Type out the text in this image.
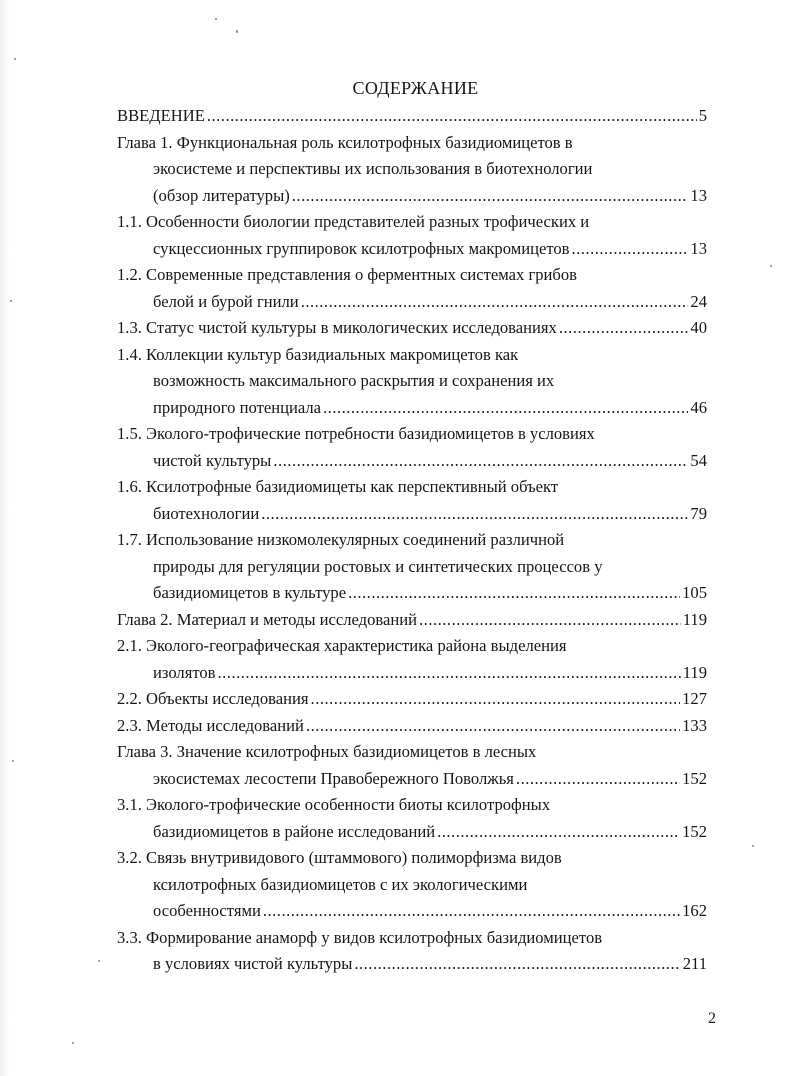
СОДЕРЖАНИЕ
ВВЕДЕНИЕ .....	5
Глава 1. Функциональная роль ксилотрофных базидиомицетов в
экосистеме и перспективы их использования в биотехнологии
(обзор литературы) .....	13
1.1. Особенности биологии представителей разных трофических и
сукцессионных группировок ксилотрофных макромицетов .....	13
1.2. Современные представления о ферментных системах грибов
белой и бурой гнили .....	24
1.3. Статус чистой культуры в микологических исследованиях .....	40
1.4. Коллекции культур базидиальных макромицетов как
возможность максимального раскрытия и сохранения их
природного потенциала .....	46
1.5. Эколого-трофические потребности базидиомицетов в условиях
чистой культуры .....	54
1.6. Ксилотрофные базидиомицеты как перспективный объект
биотехнологии .....	79
1.7. Использование низкомолекулярных соединений различной
природы для регуляции ростовых и синтетических процессов у
базидиомицетов в культуре .....	105
Глава 2. Материал и методы исследований .....	119
2.1. Эколого-географическая характеристика района выделения
изолятов .....	119
2.2. Объекты исследования .....	127
2.3. Методы исследований .....	133
Глава 3. Значение ксилотрофных базидиомицетов в лесных
экосистемах лесостепи Правобережного Поволжья .....	152
3.1. Эколого-трофические особенности биоты ксилотрофных
базидиомицетов в районе исследований .....	152
3.2. Связь внутривидового (штаммового) полиморфизма видов
ксилотрофных базидиомицетов с их экологическими
особенностями .....	162
3.3. Формирование анаморф у видов ксилотрофных базидиомицетов
в условиях чистой культуры .....	211
2
